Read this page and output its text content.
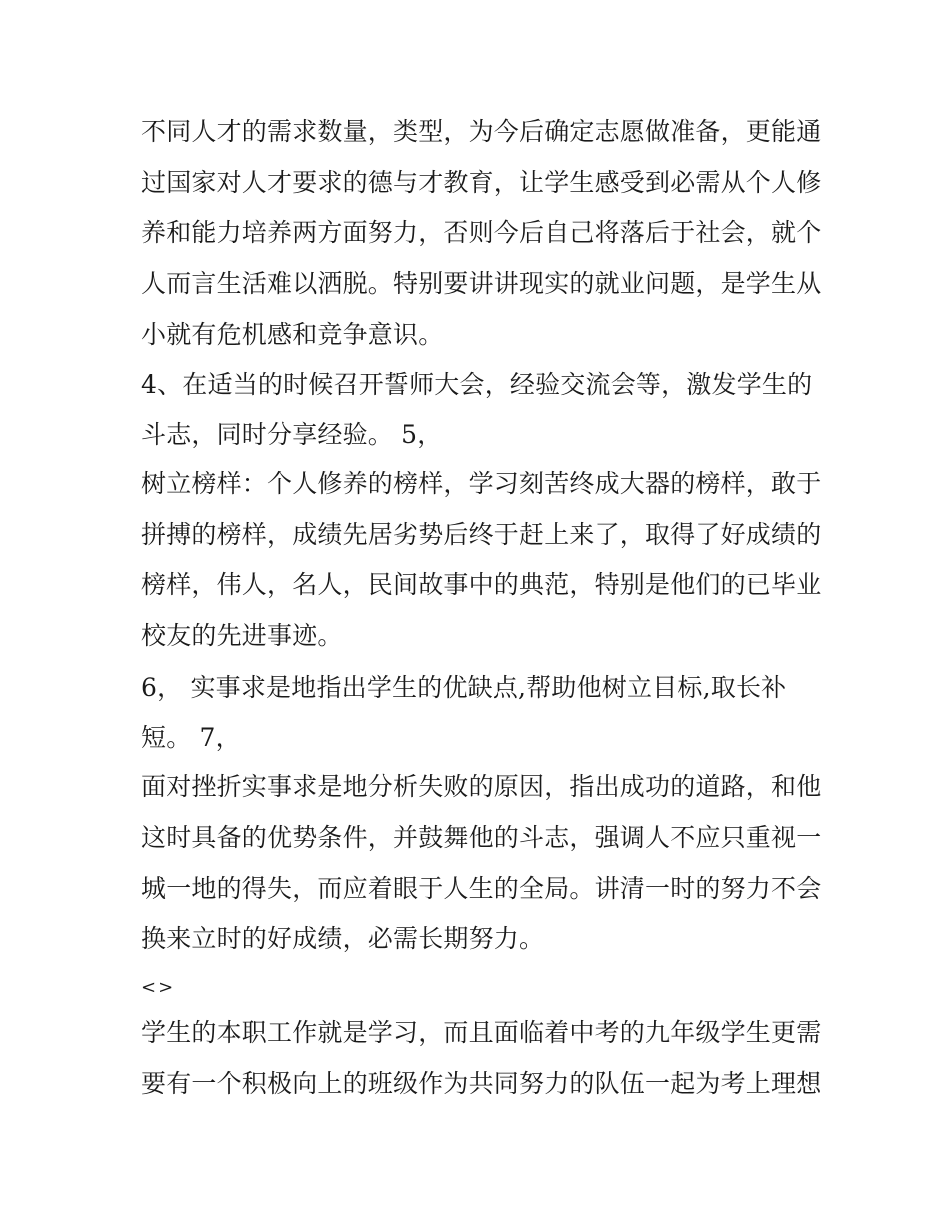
不同人才的需求数量，类型，为今后确定志愿做准备，更能通
过国家对人才要求的德与才教育，让学生感受到必需从个人修
养和能力培养两方面努力，否则今后自己将落后于社会，就个
人而言生活难以洒脱。特别要讲讲现实的就业问题，是学生从
小就有危机感和竞争意识。
4、在适当的时候召开誓师大会，经验交流会等，激发学生的
斗志，同时分享经验。 5，
树立榜样：个人修养的榜样，学习刻苦终成大器的榜样，敢于
拼搏的榜样，成绩先居劣势后终于赶上来了，取得了好成绩的
榜样，伟人，名人，民间故事中的典范，特别是他们的已毕业
校友的先进事迹。
6， 实事求是地指出学生的优缺点,帮助他树立目标,取长补
短。 7，
面对挫折实事求是地分析失败的原因，指出成功的道路，和他
这时具备的优势条件，并鼓舞他的斗志，强调人不应只重视一
城一地的得失，而应着眼于人生的全局。讲清一时的努力不会
换来立时的好成绩，必需长期努力。
<>
学生的本职工作就是学习，而且面临着中考的九年级学生更需
要有一个积极向上的班级作为共同努力的队伍一起为考上理想
